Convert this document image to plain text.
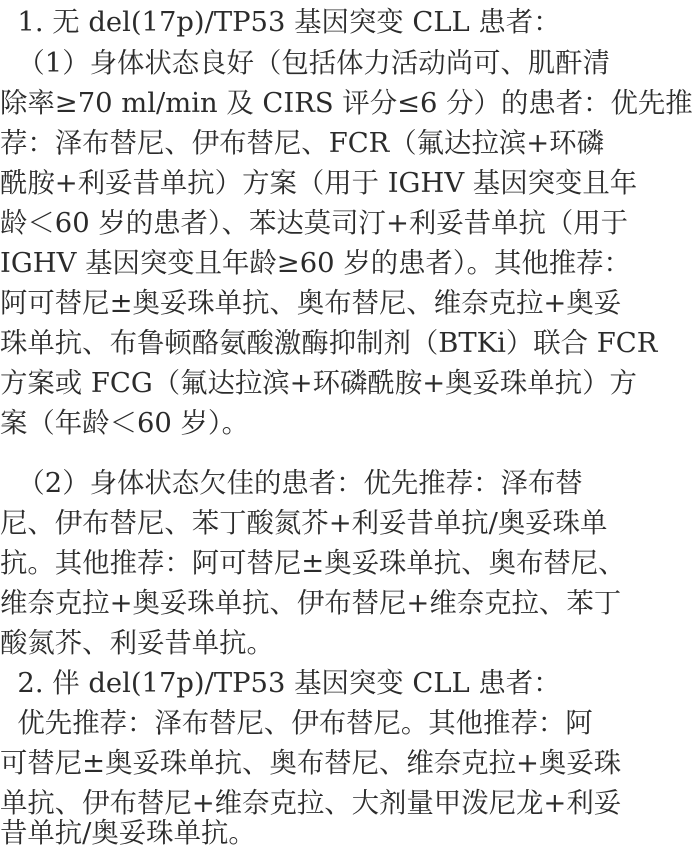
1. 无 del(17p)/TP53 基因突变 CLL 患者：
（1）身体状态良好（包括体力活动尚可、肌酐清
除率≥70 ml/min 及 CIRS 评分≤6 分）的患者：优先推
荐：泽布替尼、伊布替尼、FCR（氟达拉滨+环磷
酰胺+利妥昔单抗）方案（用于 IGHV 基因突变且年
龄＜60 岁的患者）、苯达莫司汀+利妥昔单抗（用于
IGHV 基因突变且年龄≥60 岁的患者）。其他推荐：
阿可替尼±奥妥珠单抗、奥布替尼、维奈克拉+奥妥
珠单抗、布鲁顿酪氨酸激酶抑制剂（BTKi）联合 FCR
方案或 FCG（氟达拉滨+环磷酰胺+奥妥珠单抗）方
案（年龄＜60 岁）。
（2）身体状态欠佳的患者：优先推荐：泽布替
尼、伊布替尼、苯丁酸氮芥+利妥昔单抗/奥妥珠单
抗。其他推荐：阿可替尼±奥妥珠单抗、奥布替尼、
维奈克拉+奥妥珠单抗、伊布替尼+维奈克拉、苯丁
酸氮芥、利妥昔单抗。
2. 伴 del(17p)/TP53 基因突变 CLL 患者：
优先推荐：泽布替尼、伊布替尼。其他推荐：阿
可替尼±奥妥珠单抗、奥布替尼、维奈克拉+奥妥珠
单抗、伊布替尼+维奈克拉、大剂量甲泼尼龙+利妥
昔单抗/奥妥珠单抗。
